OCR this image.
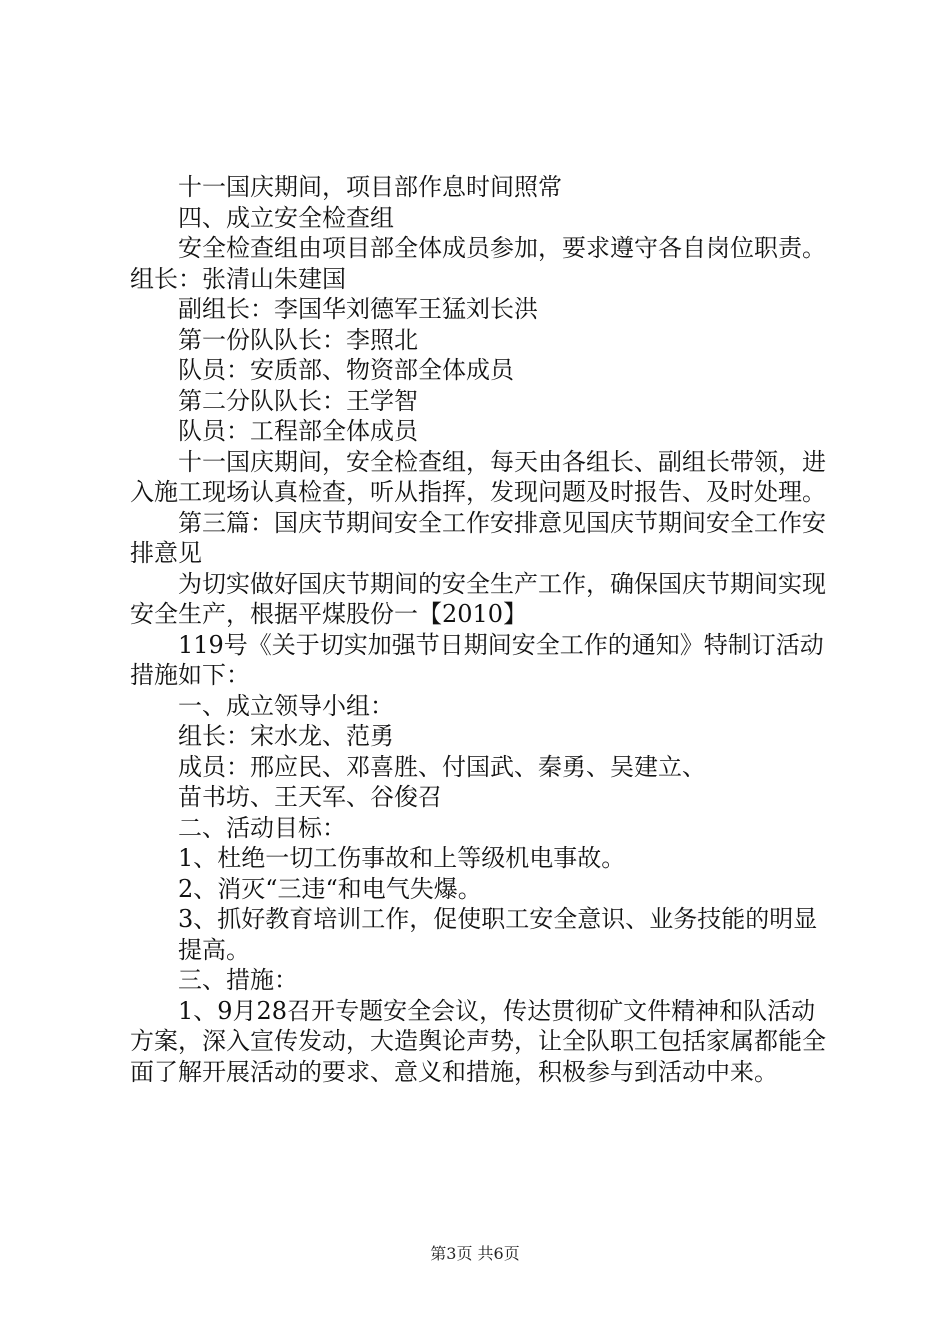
十一国庆期间，项目部作息时间照常

四、成立安全检查组

安全检查组由项目部全体成员参加，要求遵守各自岗位职责。组长：张清山朱建国

副组长：李国华刘德军王猛刘长洪

第一份队队长：李照北

队员：安质部、物资部全体成员

第二分队队长：王学智

队员：工程部全体成员

十一国庆期间，安全检查组，每天由各组长、副组长带领，进入施工现场认真检查，听从指挥，发现问题及时报告、及时处理。

第三篇：国庆节期间安全工作安排意见国庆节期间安全工作安排意见

为切实做好国庆节期间的安全生产工作，确保国庆节期间实现安全生产，根据平煤股份一【2010】

119号《关于切实加强节日期间安全工作的通知》特制订活动措施如下：

一、成立领导小组：

组长：宋水龙、范勇

成员：邢应民、邓喜胜、付国武、秦勇、吴建立、

苗书坊、王天军、谷俊召

二、活动目标：

1、杜绝一切工伤事故和上等级机电事故。

2、消灭“三违“和电气失爆。

3、抓好教育培训工作，促使职工安全意识、业务技能的明显

提高。

三、措施：

1、9月28召开专题安全会议，传达贯彻矿文件精神和队活动方案，深入宣传发动，大造舆论声势，让全队职工包括家属都能全面了解开展活动的要求、意义和措施，积极参与到活动中来。

第3页 共6页
